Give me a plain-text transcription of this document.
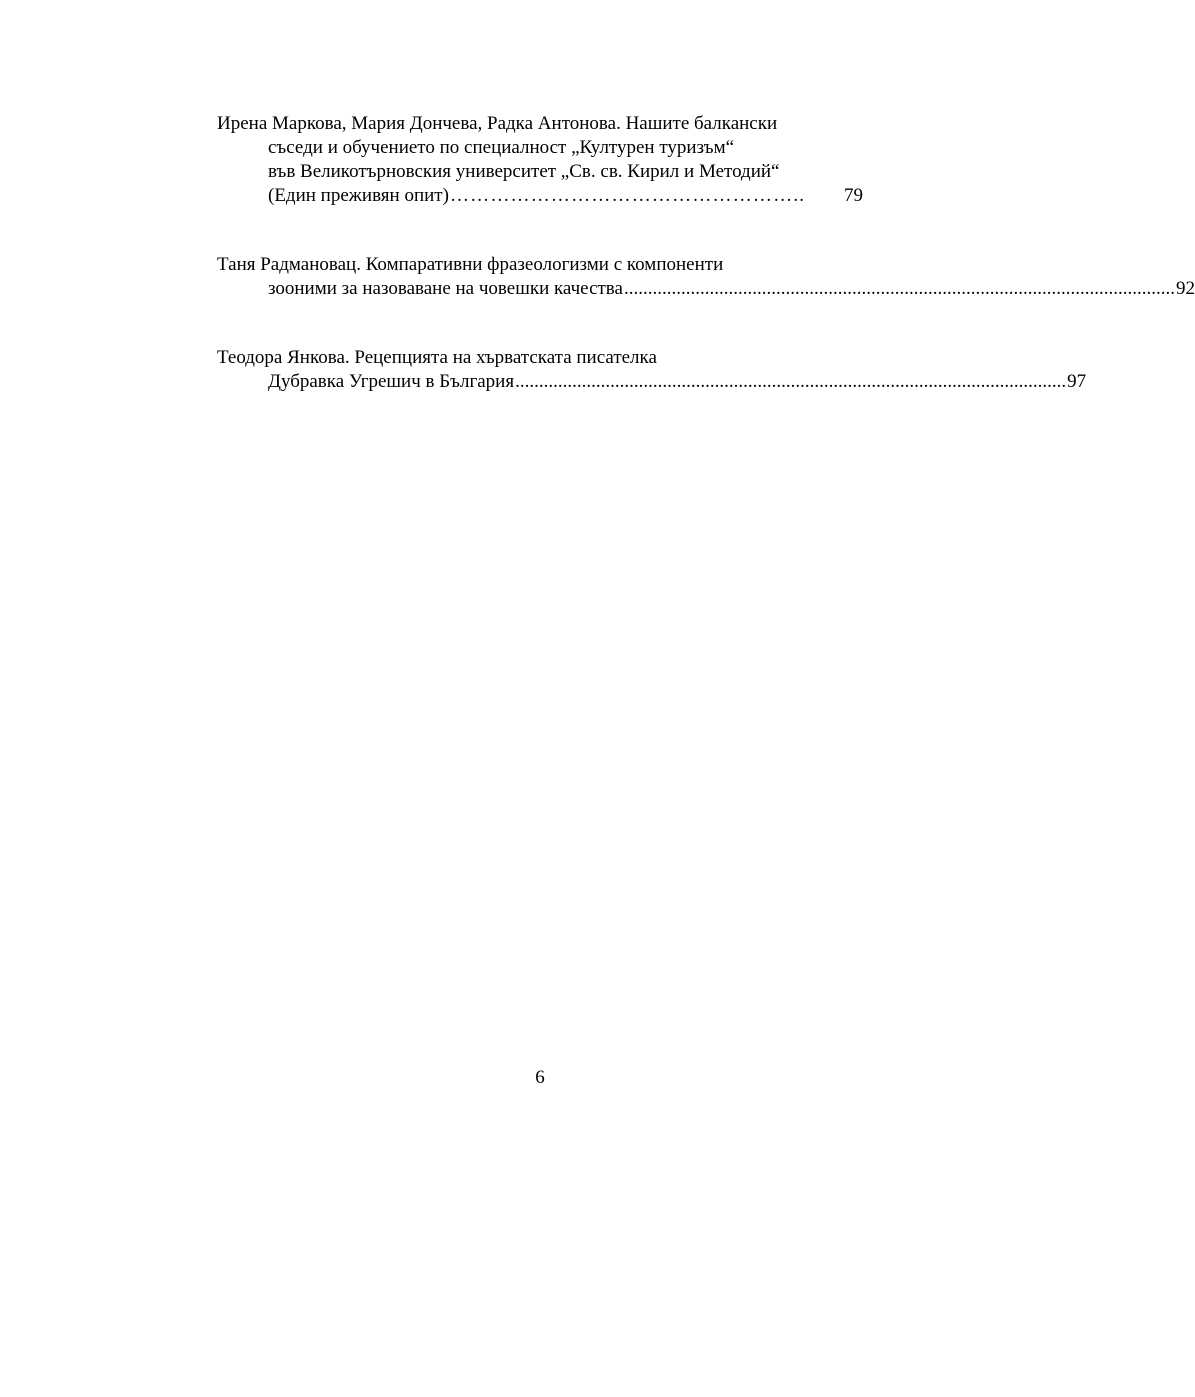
Ирена Маркова, Мария Дончева, Радка Антонова. Нашите балкански
съседи и обучението по специалност „Културен туризъм“
във Великотърновския университет „Св. св. Кирил и Методий“
(Един преживян опит) ……………………………………………..	79

Таня Радмановац. Компаративни фразеологизми с компоненти
зооними за назоваване на човешки качества .................................................................................................................... 92

Теодора Янкова. Рецепцията на хърватската писателка
Дубравка Угрешич в България .................................................................................................................... 97

6
